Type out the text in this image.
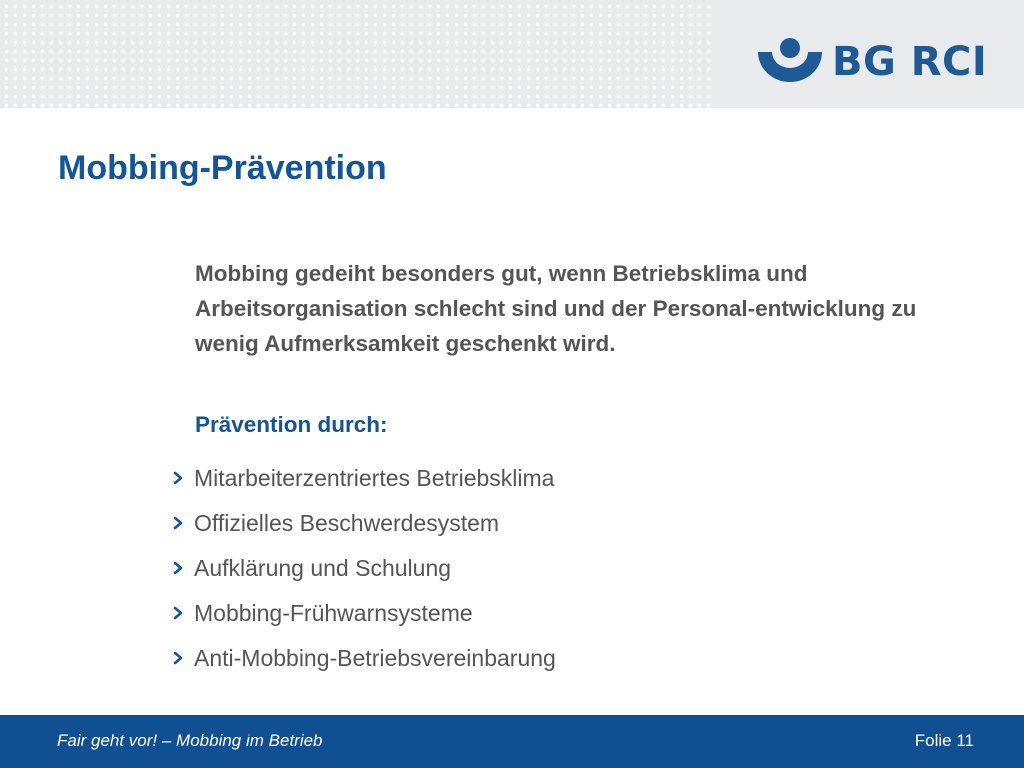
BG RCI
Mobbing-Prävention

Mobbing gedeiht besonders gut, wenn Betriebsklima und Arbeitsorganisation schlecht sind und der Personal-entwicklung zu wenig Aufmerksamkeit geschenkt wird.

Prävention durch:

Mitarbeiterzentriertes Betriebsklima
Offizielles Beschwerdesystem
Aufklärung und Schulung
Mobbing-Frühwarnsysteme
Anti-Mobbing-Betriebsvereinbarung
Fair geht vor! – Mobbing im Betrieb	Folie 11
